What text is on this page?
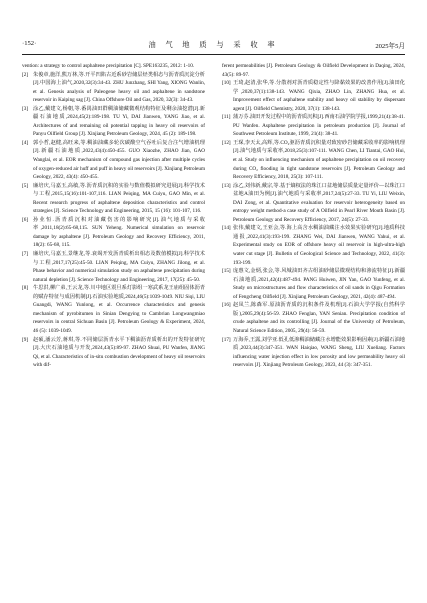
·152·	油 气 地 质 与 采 收 率	2025年5月

vention: a strategy to control asphaltene precipitation [C]. SPE163235, 2012: 1-10.

[2] 朱俊章,施洋,熊万林,等.开平凹陷古近系砂岩储层烃类相态与沥青质沉淀分析[J].中国海上油气,2020,32(3):34-43. ZHU Junzhang, SHI Yang, XIONG Wanlin, et al. Genesis analysis of Paleogene heavy oil and asphaltene in sandstone reservoir in Kaiping sag [J]. China Offshore Oil and Gas, 2020, 32(3): 34-43.

[3] 涂乙,戴建文,杨朝,等.番禺油田群稠油储藏微观结构特征及剩余油挖潜[J].新疆石油地质,2024,45(2):189-198. TU Yi, DAI Jianwen, YANG Jiao, et al. Architectures of and remaining oil potential tapping in heavy oil reservoirs of Panyu Oilfield Group [J]. Xinjiang Petroleum Geology, 2024, 45 (2): 189-198.

[4] 郭小哲,赵健,高旺来,等.稠油油藏多轮次碳酸空气吞吐后复合注气增油机理[J].新疆石油地质,2022,43(4):450-455. GUO Xiaozhe, ZHAO Jian, GAO Wanglai, et al. EOR mechanism of compound gas injection after multiple cycles of oxygen-reduced air huff and puff in heavy oil reservoirs [J]. Xinjiang Petroleum Geology, 2022, 43(4): 450-455.

[5] 廉培庆,马嘉玉,高敏,等.沥青质沉积的实验与数值模拟研究进展[J].科学技术与工程,2015,15(16):101-107,116. LIAN Peiqing, MA Cuiyu, GAO Min, et al. Recent research progress of asphaltene deposition characteristics and control strategies [J]. Science Technology and Engineering, 2015, 15 (16): 101-107, 116.

[6] 孙业恒.沥青质沉积对油藏伤害的影响研究[J].油气地质与采收率,2011,18(2):65-68,115. SUN Yeheng. Numerical simulation on reservoir damage by asphaltene [J]. Petroleum Geology and Recovery Efficiency, 2011, 18(2): 65-68, 115.

[7] 廉培庆,马嘉玉,景继龙,等.衰竭开发沥青质析出相态及数值模拟[J].科学技术与工程,2017,17(25):45-50. LIAN Peiqing, MA Cuiyu, ZHANG Jilong, et al. Phase behavior and numerical simulation study on asphaltene precipitation during natural depletion [J]. Science Technology and Engineering, 2017, 17(25): 45-50.

[8] 牛思洪,柳广弟,王云龙,等.川中地区震旦系灯影组一寒武系龙王庙组固体沥青的赋存特征与成因机制[J].石油实验地质,2024,46(5):1039-1049. NIU Siqi, LIU Guangdi, WANG Yunlong, et al. Occurrence characteristics and genesis mechanism of pyrobitumen in Sinian Dengying to Cambrian Longwangmiao reservoirs in central Sichuan Basin [J]. Petroleum Geology & Experiment, 2024, 46 (5): 1039-1049.

[9] 赵硕,潘云芳,蒋琪,等.不同储层沥青水平下稠油沥青质析出的开发特征研究[J].大庆石油地质与开发,2024,43(5):89-97. ZHAO Shuai, PU Wanfen, JIANG Qi, et al. Characteristics of in-situ combustion development of heavy oil reservoirs with dif-

ferent permeabilities [J]. Petroleum Geology & Oilfield Development in Daqing, 2024, 43(5): 89-97.

[10] 王琦,赵清,张华,等.分散剂对沥青质稳定性与降黏效果的改善作用[J].油田化学,2020,37(1):138-143. WANG Qixia, ZHAO Lin, ZHANG Hua, et al. Improvement effect of asphaltene stability and heavy oil stability by dispersant agent [J]. Oilfield Chemistry, 2020, 37(1): 138-143.

[11] 蒲万芬.油田开发过程中的沥青质沉积[J].西南石油学院学报,1999,21(4):38-41. PU Wanfen. Asphaltene precipitation in petroleum production [J]. Journal of Southwest Petroleum Institute, 1999, 21(4): 38-41.

[12] 王琛,李天太,高辉,等.CO₂驱沥青质沉积量对致密砂岩储藏采收率的影响机理[J].油气地质与采收率,2018,25(3):107-111. WANG Chen, LI Tiantai, GAO Hui, et al. Study on influencing mechanism of asphaltene precipitation on oil recovery during CO₂ flooding in tight sandstone reservoirs [J]. Petroleum Geology and Recovery Efficiency, 2018, 25(3): 107-111.

[13] 涂乙,刘伟新,戴宗,等.基于熵权法的珠江口盆地储层质量定量评价—以珠江口盆地A油田为例[J].油气地质与采收率,2017,24(5):27-33. TU Yi, LIU Weixin, DAI Zong, et al. Quantitative evaluation for reservoir heterogeneity based on entropy weight method-a case study of A Oilfield in Pearl River Mouth Basin [J]. Petroleum Geology and Recovery Efficiency, 2017, 24(5): 27-33.

[14] 张伟,戴建文,王亚会,等.海上高含水稠油油藏注水效果实验研究[J].地质科技通报,2022,41(3):193-199. ZHANG Wei, DAI Jianwen, WANG Yahui, et al. Experimental study on EOR of offshore heavy oil reservoir in high-ultra-high water cut stage [J]. Bulletin of Geological Science and Technology, 2022, 41(3): 193-199.

[15] 庞惠文,金炳,张会,等.风城油田齐古组油砂储层微观结构和渗流特征[J].新疆石油地质,2021,42(4):487-494. PANG Huiwen, JIN Yan, GAO Yunfeng, et al. Study on microstructures and flow characteristics of oil sands in Qigu Formation of Fengcheng Oilfield [J]. Xinjiang Petroleum Geology, 2021, 42(4): 487-494.

[16] 赵凤兰,陈森军.原油沥青质的沉积条件及机理[J].石油大学学报(自然科学版),2005,29(4):56-59. ZHAO Fenglan, YAN Senian. Precipitation condition of crude asphaltene and its controlling [J]. Journal of the University of Petroleum, Natural Science Edition, 2005, 29(4): 56-59.

[17] 万海乔,王露,刘学亚.低孔低渗稠油储藏注水增能效果影响因素[J].新疆石油地质,2023,44(3):347-351. WAN Haiqiao, WANG Sheng, LIU Xueliang. Factors influencing water injection effect in low porosity and low permeability heavy oil reservoirs [J]. Xinjiang Petroleum Geology, 2023, 44 (3): 347-351.
